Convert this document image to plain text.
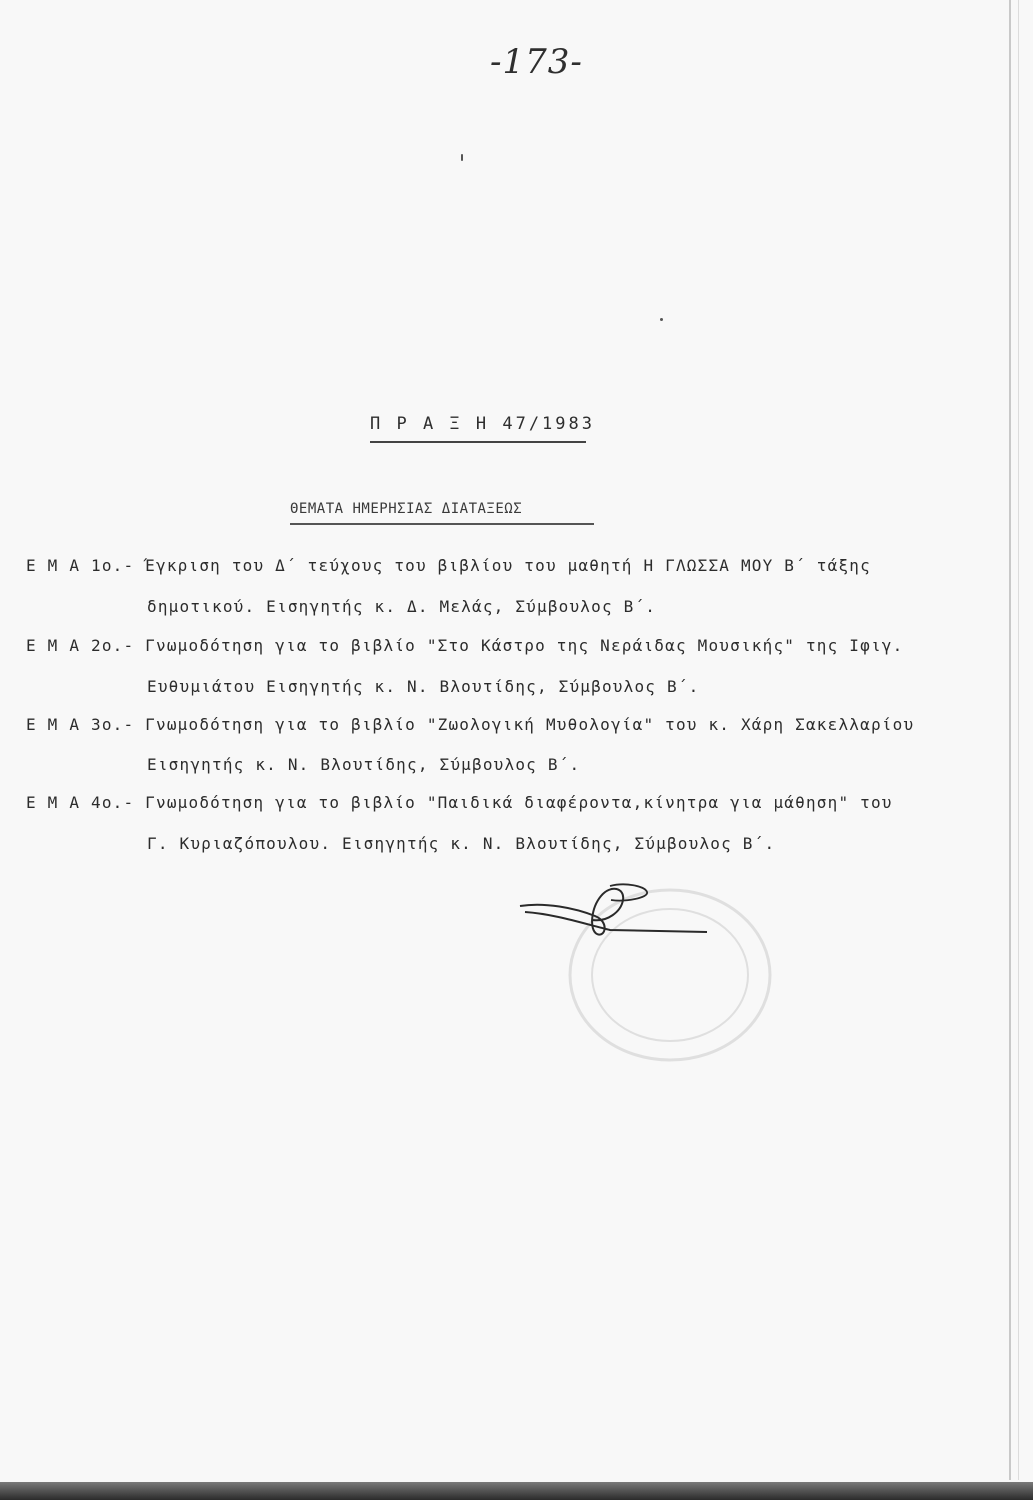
-173-
Π Ρ Α Ξ Η 47/1983
ΘΕΜΑΤΑ ΗΜΕΡΗΣΙΑΣ ΔΙΑΤΑΞΕΩΣ
Ε Μ Α 1ο.- Έγκριση του Δ΄ τεύχους του βιβλίου του μαθητή Η ΓΛΩΣΣΑ ΜΟΥ Β΄ τάξης
δημοτικού. Εισηγητής κ. Δ. Μελάς, Σύμβουλος Β΄.
Ε Μ Α 2ο.- Γνωμοδότηση για το βιβλίο "Στο Κάστρο της Νεράιδας Μουσικής" της Ιφιγ.
Ευθυμιάτου Εισηγητής κ. Ν. Βλουτίδης, Σύμβουλος Β΄.
Ε Μ Α 3ο.- Γνωμοδότηση για το βιβλίο "Ζωολογική Μυθολογία" του κ. Χάρη Σακελλαρίου
Εισηγητής κ. Ν. Βλουτίδης, Σύμβουλος Β΄.
Ε Μ Α 4ο.- Γνωμοδότηση για το βιβλίο "Παιδικά διαφέροντα,κίνητρα για μάθηση" του
Γ. Κυριαζόπουλου. Εισηγητής κ. Ν. Βλουτίδης, Σύμβουλος Β΄.
